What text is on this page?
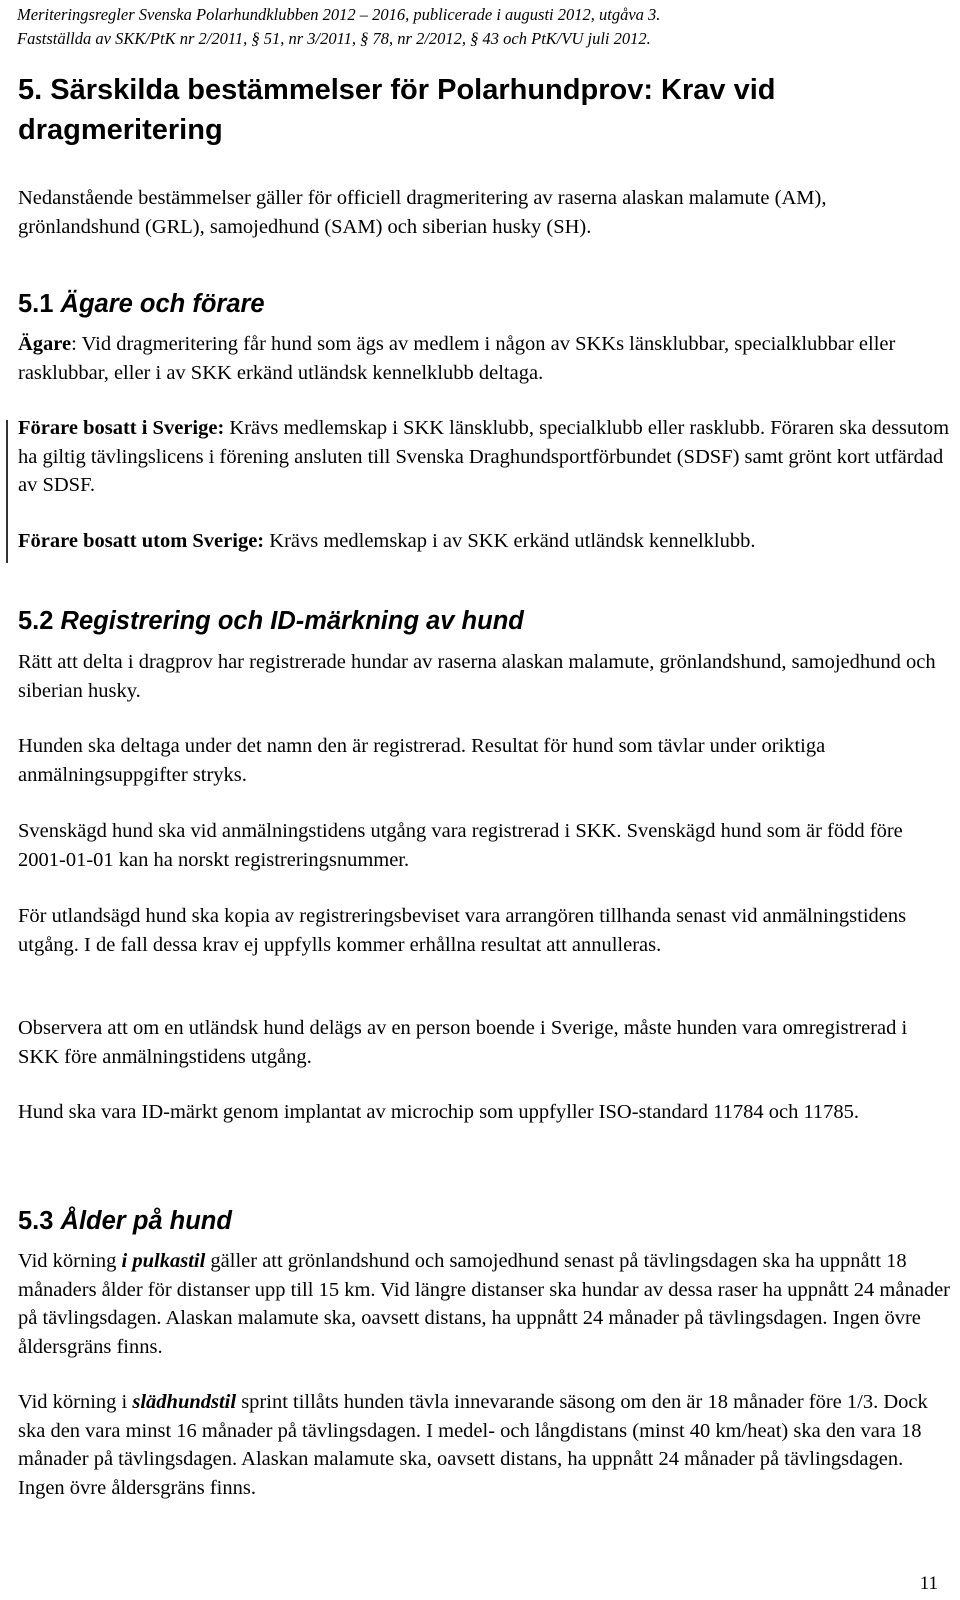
Meriteringsregler Svenska Polarhundklubben 2012 – 2016, publicerade i augusti 2012, utgåva 3.
Fastställda av SKK/PtK nr 2/2011, § 51, nr 3/2011, § 78, nr 2/2012, § 43 och PtK/VU juli 2012.
5. Särskilda bestämmelser för Polarhundprov: Krav vid dragmeritering

Nedanstående bestämmelser gäller för officiell dragmeritering av raserna alaskan malamute (AM), grönlandshund (GRL), samojedhund (SAM) och siberian husky (SH).

5.1 Ägare och förare

Ägare: Vid dragmeritering får hund som ägs av medlem i någon av SKKs länsklubbar, specialklubbar eller rasklubbar, eller i av SKK erkänd utländsk kennelklubb deltaga.

Förare bosatt i Sverige: Krävs medlemskap i SKK länsklubb, specialklubb eller rasklubb. Föraren ska dessutom ha giltig tävlingslicens i förening ansluten till Svenska Draghundsportförbundet (SDSF) samt grönt kort utfärdad av SDSF.

Förare bosatt utom Sverige: Krävs medlemskap i av SKK erkänd utländsk kennelklubb.

5.2 Registrering och ID-märkning av hund

Rätt att delta i dragprov har registrerade hundar av raserna alaskan malamute, grönlandshund, samojedhund och siberian husky.

Hunden ska deltaga under det namn den är registrerad. Resultat för hund som tävlar under oriktiga anmälningsuppgifter stryks.

Svenskägd hund ska vid anmälningstidens utgång vara registrerad i SKK. Svenskägd hund som är född före 2001-01-01 kan ha norskt registreringsnummer.

För utlandsägd hund ska kopia av registreringsbeviset vara arrangören tillhanda senast vid anmälningstidens utgång. I de fall dessa krav ej uppfylls kommer erhållna resultat att annulleras.

Observera att om en utländsk hund delägs av en person boende i Sverige, måste hunden vara omregistrerad i SKK före anmälningstidens utgång.

Hund ska vara ID-märkt genom implantat av microchip som uppfyller ISO-standard 11784 och 11785.

5.3 Ålder på hund

Vid körning i pulkastil gäller att grönlandshund och samojedhund senast på tävlingsdagen ska ha uppnått 18 månaders ålder för distanser upp till 15 km. Vid längre distanser ska hundar av dessa raser ha uppnått 24 månader på tävlingsdagen. Alaskan malamute ska, oavsett distans, ha uppnått 24 månader på tävlingsdagen. Ingen övre åldersgräns finns.

Vid körning i slädhundstil sprint tillåts hunden tävla innevarande säsong om den är 18 månader före 1/3. Dock ska den vara minst 16 månader på tävlingsdagen. I medel- och långdistans (minst 40 km/heat) ska den vara 18 månader på tävlingsdagen. Alaskan malamute ska, oavsett distans, ha uppnått 24 månader på tävlingsdagen. Ingen övre åldersgräns finns.

11
